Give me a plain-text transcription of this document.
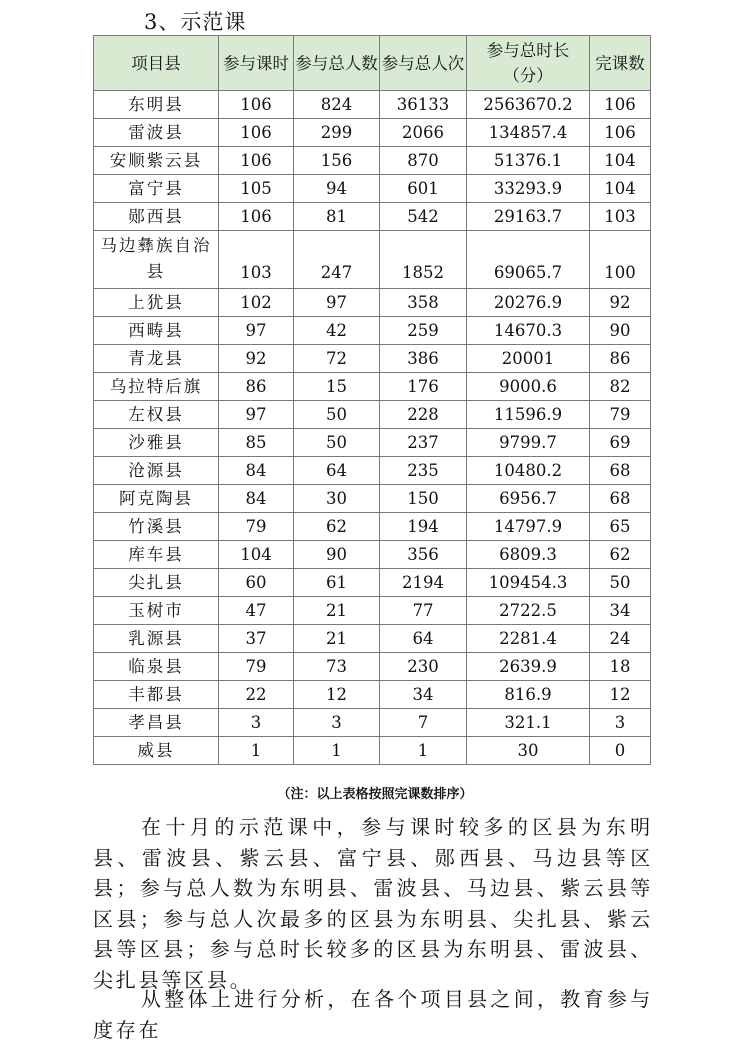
3、示范课
项目县	参与课时	参与总人数	参与总人次	参与总时长（分）	完课数
东明县	106	824	36133	2563670.2	106
雷波县	106	299	2066	134857.4	106
安顺紫云县	106	156	870	51376.1	104
富宁县	105	94	601	33293.9	104
郧西县	106	81	542	29163.7	103
马边彝族自治县	103	247	1852	69065.7	100
上犹县	102	97	358	20276.9	92
西畴县	97	42	259	14670.3	90
青龙县	92	72	386	20001	86
乌拉特后旗	86	15	176	9000.6	82
左权县	97	50	228	11596.9	79
沙雅县	85	50	237	9799.7	69
沧源县	84	64	235	10480.2	68
阿克陶县	84	30	150	6956.7	68
竹溪县	79	62	194	14797.9	65
库车县	104	90	356	6809.3	62
尖扎县	60	61	2194	109454.3	50
玉树市	47	21	77	2722.5	34
乳源县	37	21	64	2281.4	24
临泉县	79	73	230	2639.9	18
丰都县	22	12	34	816.9	12
孝昌县	3	3	7	321.1	3
威县	1	1	1	30	0
（注：以上表格按照完课数排序）
在十月的示范课中，参与课时较多的区县为东明县、雷波县、紫云县、富宁县、郧西县、马边县等区县；参与总人数为东明县、雷波县、马边县、紫云县等区县；参与总人次最多的区县为东明县、尖扎县、紫云县等区县；参与总时长较多的区县为东明县、雷波县、尖扎县等区县。
从整体上进行分析，在各个项目县之间，教育参与度存在
